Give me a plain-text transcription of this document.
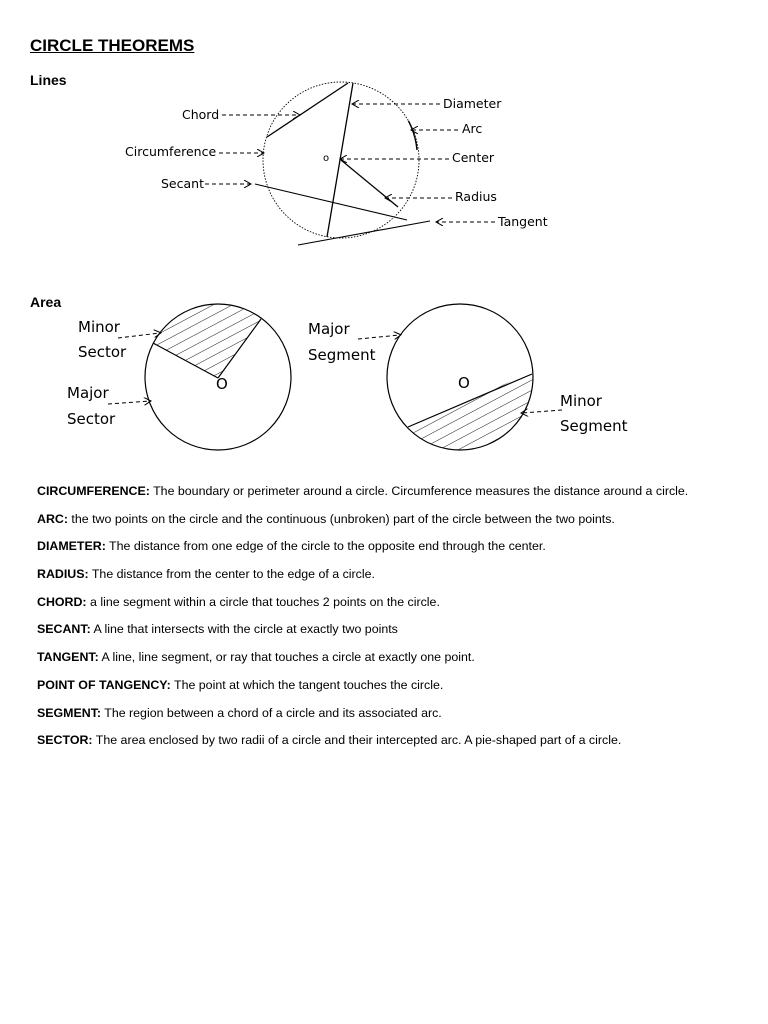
CIRCLE THEOREMS
Lines
o
Chord
Circumference
Secant
Diameter
Arc
Center
Radius
Tangent
Area
O
Minor
Sector
Major
Sector
O
Major
Segment
Minor
Segment
CIRCUMFERENCE: The boundary or perimeter around a circle. Circumference measures the distance around a circle.
ARC: the two points on the circle and the continuous (unbroken) part of the circle between the two points.
DIAMETER: The distance from one edge of the circle to the opposite end through the center.
RADIUS: The distance from the center to the edge of a circle.
CHORD: a line segment within a circle that touches 2 points on the circle.
SECANT: A line that intersects with the circle at exactly two points
TANGENT: A line, line segment, or ray that touches a circle at exactly one point.
POINT OF TANGENCY: The point at which the tangent touches the circle.
SEGMENT: The region between a chord of a circle and its associated arc.
SECTOR: The area enclosed by two radii of a circle and their intercepted arc. A pie-shaped part of a circle.
